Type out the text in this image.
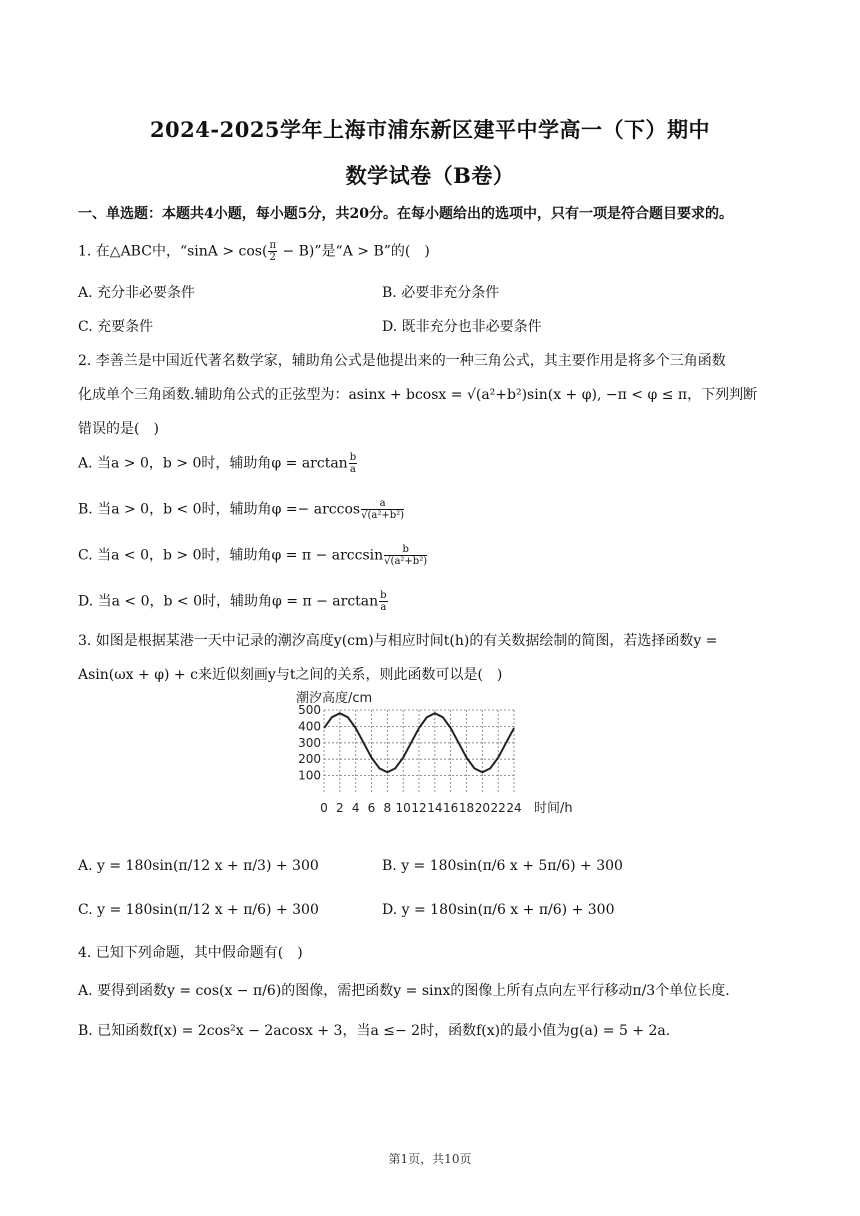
2024-2025学年上海市浦东新区建平中学高一（下）期中
数学试卷（B卷）
一、单选题：本题共4小题，每小题5分，共20分。在每小题给出的选项中，只有一项是符合题目要求的。
1. 在△ABC中，“$\sin A > \cos( \frac{\pi}{2} - B)$”是“A > B”的(　)
A. 充分非必要条件	B. 必要非充分条件
C. 充要条件	D. 既非充分也非必要条件
2. 李善兰是中国近代著名数学家，辅助角公式是他提出来的一种三角公式，其主要作用是将多个三角函数
化成单个三角函数.辅助角公式的正弦型为：asinx + bcosx = √(a²+b²)sin(x + φ), −π < φ ≤ π，下列判断
错误的是(　)
A. 当a > 0，b > 0时，辅助角$\varphi = \arctan \frac{b}{a}$
B. 当a > 0，b < 0时，辅助角$\varphi =- \arccos \frac{a}{\text{√(a²+b²)}}$
C. 当a < 0，b > 0时，辅助角φ = π − arccsin $\frac{b}{\text{√(a²+b²)}}$
D. 当a < 0，b < 0时，辅助角$\varphi = \pi - \arctan \frac{b}{a}$
3. 如图是根据某港一天中记录的潮汐高度y(cm)与相应时间t(h)的有关数据绘制的简图，若选择函数y =
Asin(ωx + φ) + c来近似刻画y与t之间的关系，则此函数可以是(　)
500
400
300
200
100
0 2 4 6 8 10 12 14 16 18 20 22 24
潮汐高度/cm
时间/h
A. y = 180sin(π/12 x + π/3) + 300	B. y = 180sin(π/6 x + 5π/6) + 300
C. y = 180sin(π/12 x + π/6) + 300	D. y = 180sin(π/6 x + π/6) + 300
4. 已知下列命题，其中假命题有(　)
A. 要得到函数y = cos(x − π/6)的图像，需把函数y = sinx的图像上所有点向左平行移动π/3个单位长度.
B. 已知函数f(x) = 2cos²x − 2acosx + 3，当a ≤− 2时，函数f(x)的最小值为g(a) = 5 + 2a.
第1页，共10页
